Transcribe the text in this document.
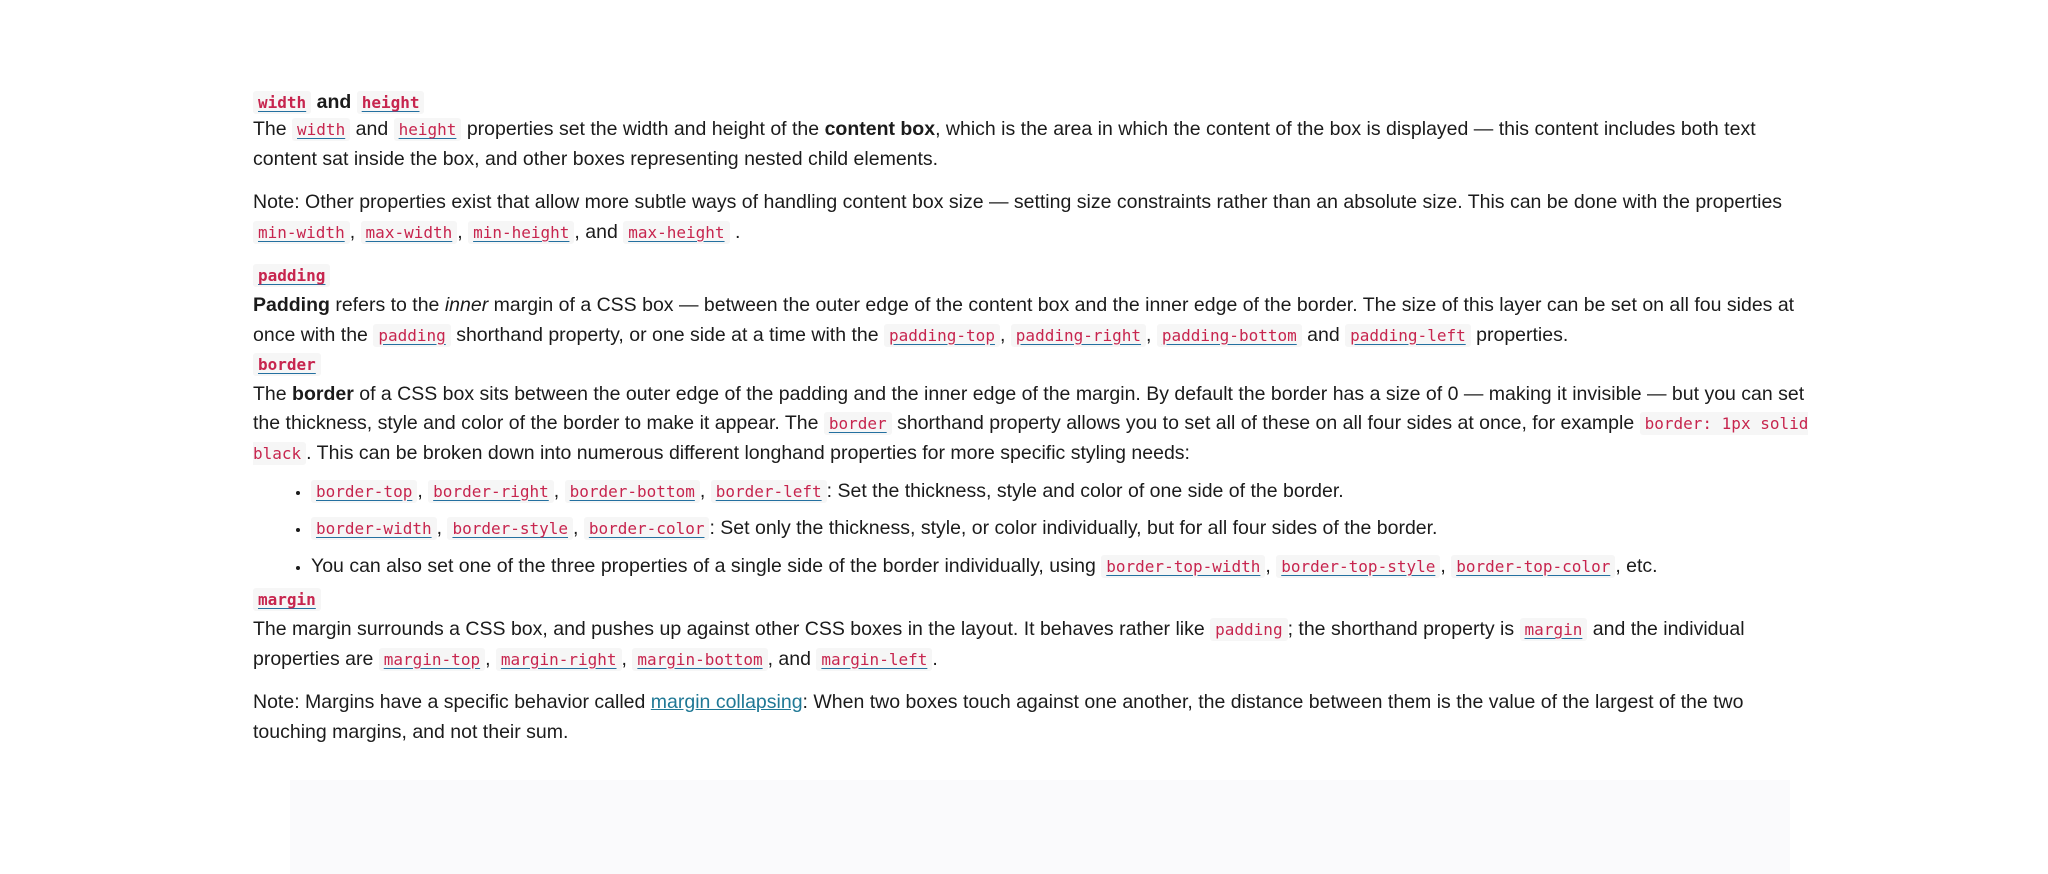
width and height

The width and height properties set the width and height of the content box, which is the area in which the content of the box is displayed — this content includes both text content sat inside the box, and other boxes representing nested child elements.

Note: Other properties exist that allow more subtle ways of handling content box size — setting size constraints rather than an absolute size. This can be done with the properties min-width , max-width , min-height , and max-height .

padding

Padding refers to the inner margin of a CSS box — between the outer edge of the content box and the inner edge of the border. The size of this layer can be set on all fou sides at once with the padding shorthand property, or one side at a time with the padding-top , padding-right , padding-bottom and padding-left properties.

border

The border of a CSS box sits between the outer edge of the padding and the inner edge of the margin. By default the border has a size of 0 — making it invisible — but you can set the thickness, style and color of the border to make it appear. The border shorthand property allows you to set all of these on all four sides at once, for example border: 1px solid black . This can be broken down into numerous different longhand properties for more specific styling needs:

• border-top , border-right , border-bottom , border-left : Set the thickness, style and color of one side of the border.
• border-width , border-style , border-color : Set only the thickness, style, or color individually, but for all four sides of the border.
• You can also set one of the three properties of a single side of the border individually, using border-top-width , border-top-style , border-top-color , etc.
margin

The margin surrounds a CSS box, and pushes up against other CSS boxes in the layout. It behaves rather like padding ; the shorthand property is margin and the individual properties are margin-top , margin-right , margin-bottom , and margin-left .

Note: Margins have a specific behavior called margin collapsing: When two boxes touch against one another, the distance between them is the value of the largest of the two touching margins, and not their sum.
